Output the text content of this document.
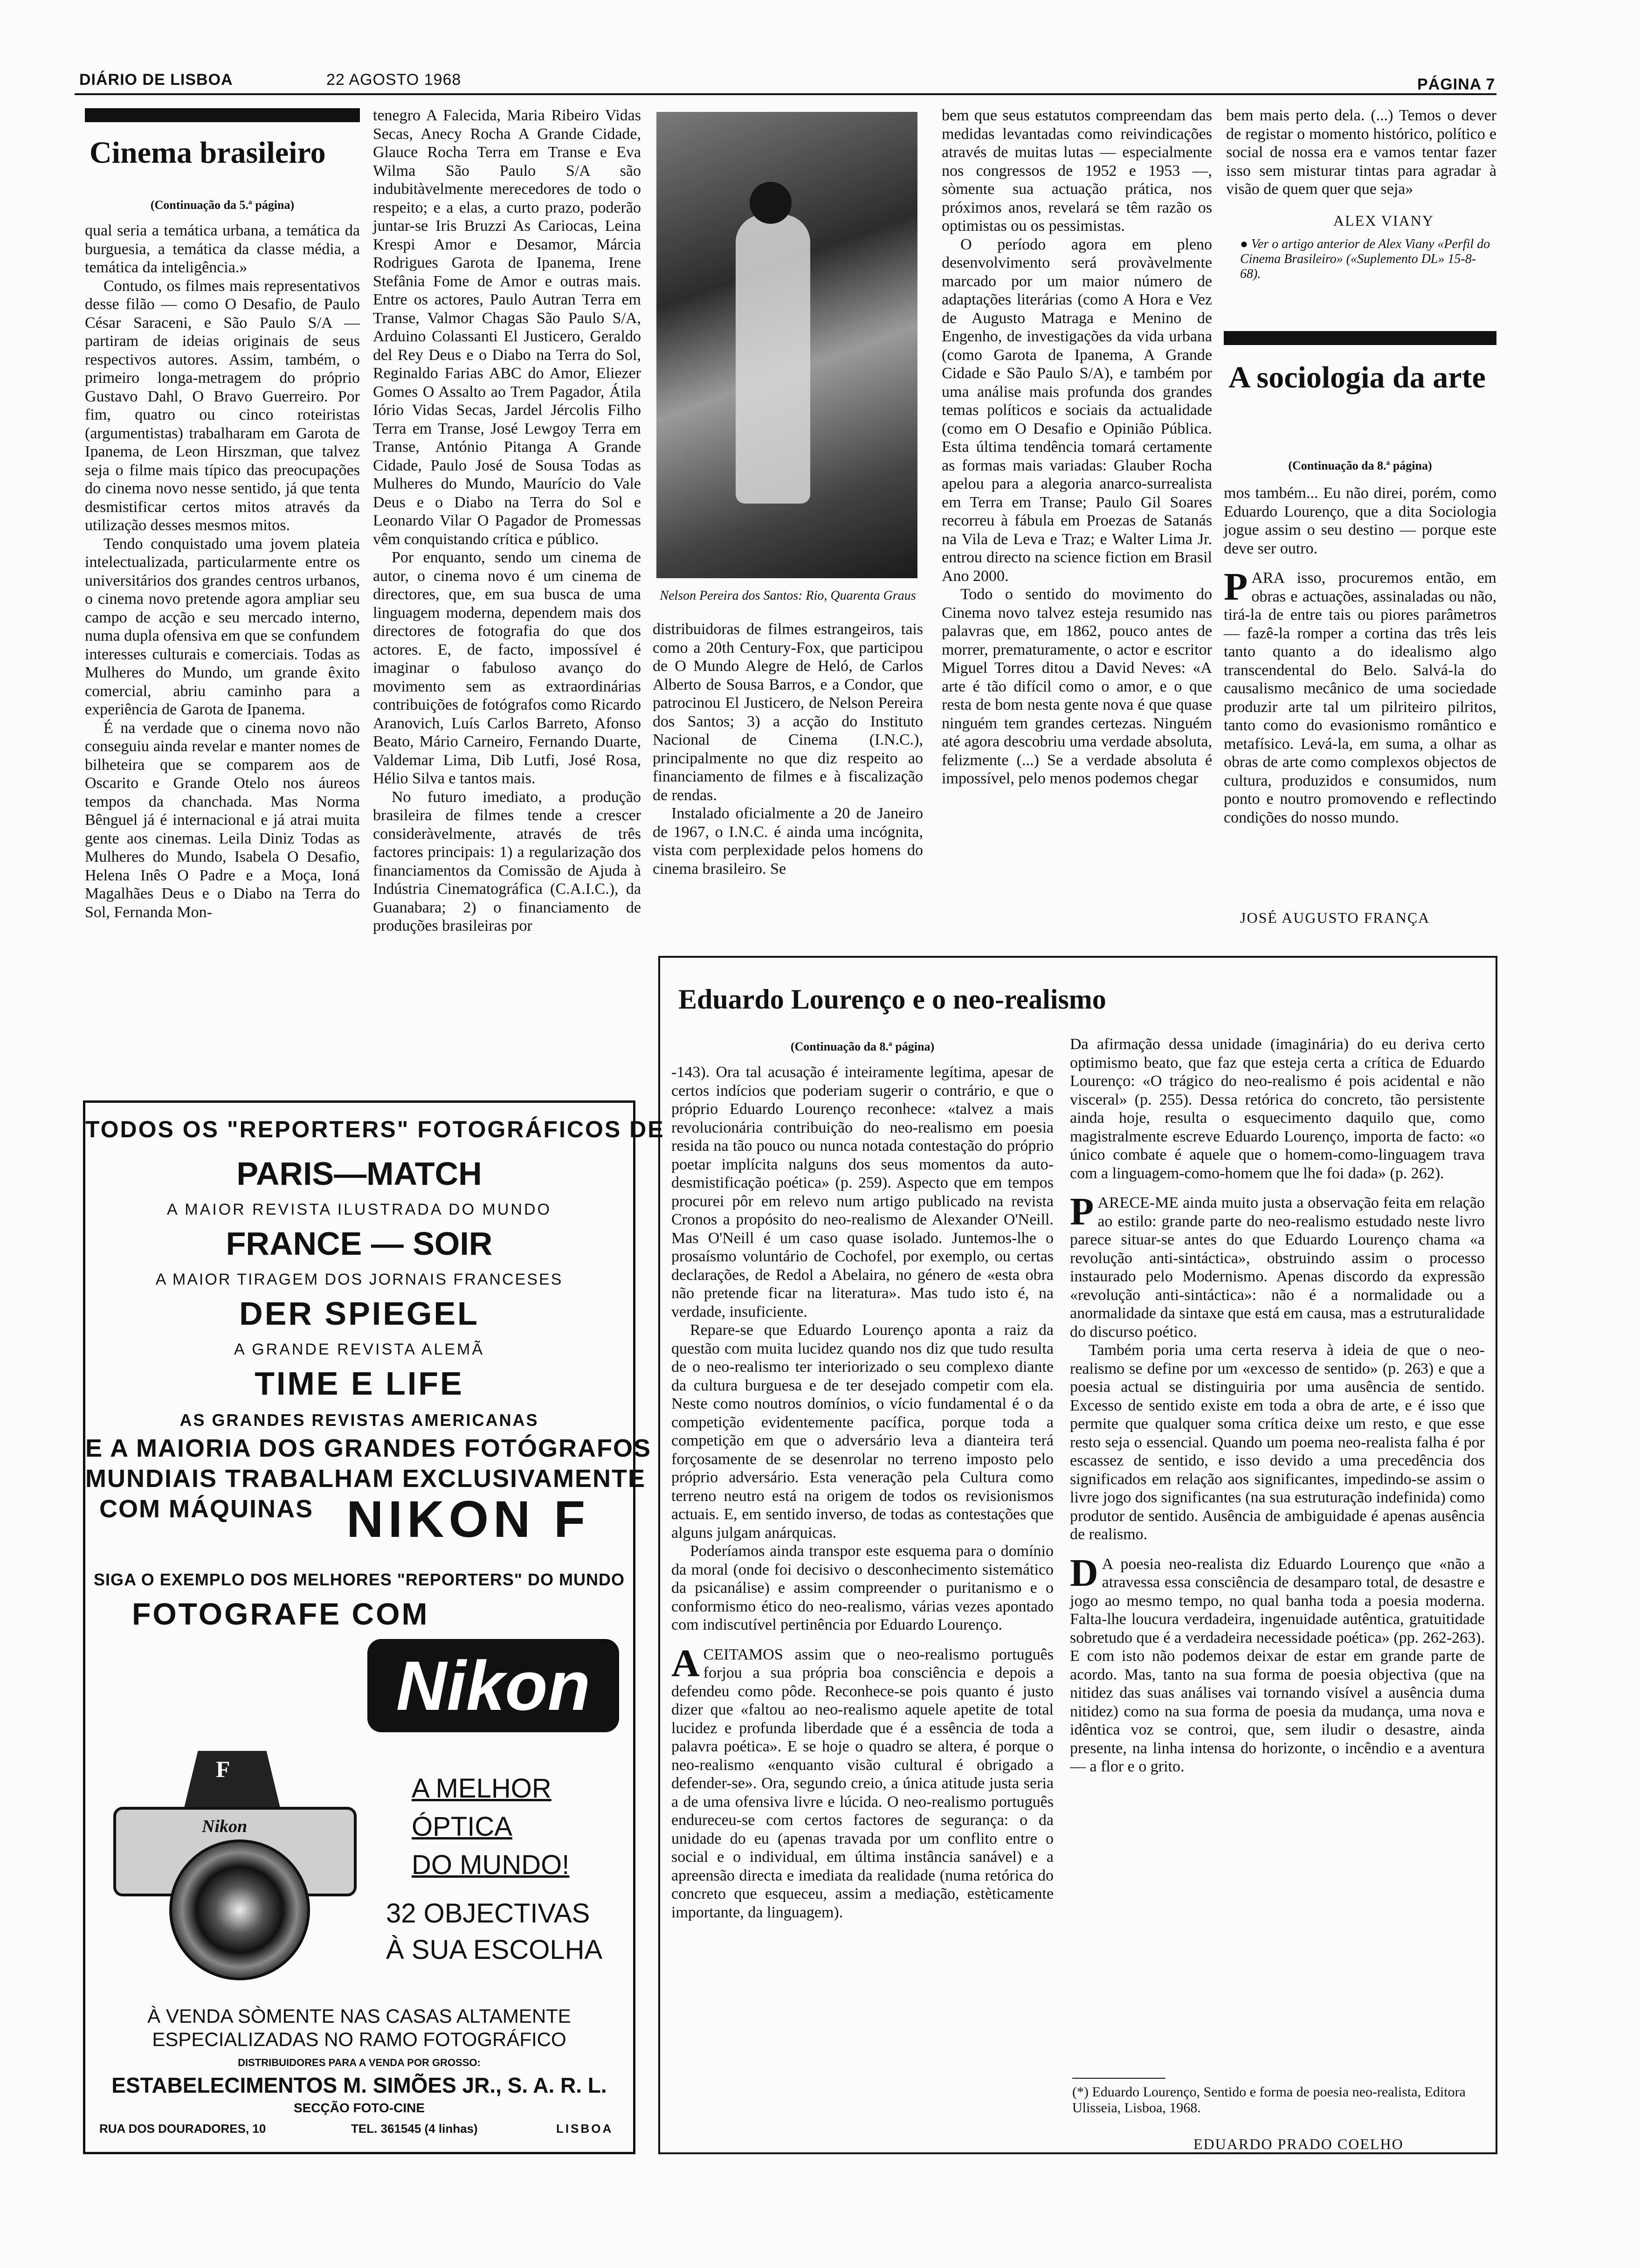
DIÁRIO DE LISBOA	22 AGOSTO 1968	PÁGINA 7
Cinema brasileiro
(Continuação da 5.ª página)

qual seria a temática urbana, a temática da burguesia, a temática da classe média, a temática da inteligência.»

Contudo, os filmes mais representativos desse filão — como O Desafio, de Paulo César Saraceni, e São Paulo S/A — partiram de ideias originais de seus respectivos autores. Assim, também, o primeiro longa-metragem do próprio Gustavo Dahl, O Bravo Guerreiro. Por fim, quatro ou cinco roteiristas (argumentistas) trabalharam em Garota de Ipanema, de Leon Hirszman, que talvez seja o filme mais típico das preocupações do cinema novo nesse sentido, já que tenta desmistificar certos mitos através da utilização desses mesmos mitos.

Tendo conquistado uma jovem plateia intelectualizada, particularmente entre os universitários dos grandes centros urbanos, o cinema novo pretende agora ampliar seu campo de acção e seu mercado interno, numa dupla ofensiva em que se confundem interesses culturais e comerciais. Todas as Mulheres do Mundo, um grande êxito comercial, abriu caminho para a experiência de Garota de Ipanema.

É na verdade que o cinema novo não conseguiu ainda revelar e manter nomes de bilheteira que se comparem aos de Oscarito e Grande Otelo nos áureos tempos da chanchada. Mas Norma Bênguel já é internacional e já atrai muita gente aos cinemas. Leila Diniz Todas as Mulheres do Mundo, Isabela O Desafio, Helena Inês O Padre e a Moça, Ioná Magalhães Deus e o Diabo na Terra do Sol, Fernanda Mon-

tenegro A Falecida, Maria Ribeiro Vidas Secas, Anecy Rocha A Grande Cidade, Glauce Rocha Terra em Transe e Eva Wilma São Paulo S/A são indubitàvelmente merecedores de todo o respeito; e a elas, a curto prazo, poderão juntar-se Iris Bruzzi As Cariocas, Leina Krespi Amor e Desamor, Márcia Rodrigues Garota de Ipanema, Irene Stefânia Fome de Amor e outras mais. Entre os actores, Paulo Autran Terra em Transe, Valmor Chagas São Paulo S/A, Arduino Colassanti El Justicero, Geraldo del Rey Deus e o Diabo na Terra do Sol, Reginaldo Farias ABC do Amor, Eliezer Gomes O Assalto ao Trem Pagador, Átila Iório Vidas Secas, Jardel Jércolis Filho Terra em Transe, José Lewgoy Terra em Transe, António Pitanga A Grande Cidade, Paulo José de Sousa Todas as Mulheres do Mundo, Maurício do Vale Deus e o Diabo na Terra do Sol e Leonardo Vilar O Pagador de Promessas vêm conquistando crítica e público.

Por enquanto, sendo um cinema de autor, o cinema novo é um cinema de directores, que, em sua busca de uma linguagem moderna, dependem mais dos directores de fotografia do que dos actores. E, de facto, impossível é imaginar o fabuloso avanço do movimento sem as extraordinárias contribuições de fotógrafos como Ricardo Aranovich, Luís Carlos Barreto, Afonso Beato, Mário Carneiro, Fernando Duarte, Valdemar Lima, Dib Lutfi, José Rosa, Hélio Silva e tantos mais.

No futuro imediato, a produção brasileira de filmes tende a crescer consideràvelmente, através de três factores principais: 1) a regularização dos financiamentos da Comissão de Ajuda à Indústria Cinematográfica (C.A.I.C.), da Guanabara; 2) o financiamento de produções brasileiras por

Nelson Pereira dos Santos: Rio, Quarenta Graus

distribuidoras de filmes estrangeiros, tais como a 20th Century-Fox, que participou de O Mundo Alegre de Heló, de Carlos Alberto de Sousa Barros, e a Condor, que patrocinou El Justicero, de Nelson Pereira dos Santos; 3) a acção do Instituto Nacional de Cinema (I.N.C.), principalmente no que diz respeito ao financiamento de filmes e à fiscalização de rendas.

Instalado oficialmente a 20 de Janeiro de 1967, o I.N.C. é ainda uma incógnita, vista com perplexidade pelos homens do cinema brasileiro. Se

bem que seus estatutos compreendam das medidas levantadas como reivindicações através de muitas lutas — especialmente nos congressos de 1952 e 1953 —, sòmente sua actuação prática, nos próximos anos, revelará se têm razão os optimistas ou os pessimistas.

O período agora em pleno desenvolvimento será provàvelmente marcado por um maior número de adaptações literárias (como A Hora e Vez de Augusto Matraga e Menino de Engenho, de investigações da vida urbana (como Garota de Ipanema, A Grande Cidade e São Paulo S/A), e também por uma análise mais profunda dos grandes temas políticos e sociais da actualidade (como em O Desafio e Opinião Pública. Esta última tendência tomará certamente as formas mais variadas: Glauber Rocha apelou para a alegoria anarco-surrealista em Terra em Transe; Paulo Gil Soares recorreu à fábula em Proezas de Satanás na Vila de Leva e Traz; e Walter Lima Jr. entrou directo na science fiction em Brasil Ano 2000.

Todo o sentido do movimento do Cinema novo talvez esteja resumido nas palavras que, em 1862, pouco antes de morrer, prematuramente, o actor e escritor Miguel Torres ditou a David Neves: «A arte é tão difícil como o amor, e o que resta de bom nesta gente nova é que quase ninguém tem grandes certezas. Ninguém até agora descobriu uma verdade absoluta, felizmente (...) Se a verdade absoluta é impossível, pelo menos podemos chegar

bem mais perto dela. (...) Temos o dever de registar o momento histórico, político e social de nossa era e vamos tentar fazer isso sem misturar tintas para agradar à visão de quem quer que seja»

ALEX VIANY
● Ver o artigo anterior de Alex Viany «Perfil do Cinema Brasileiro» («Suplemento DL» 15-8-68).
A sociologia da arte
(Continuação da 8.ª página)

mos também... Eu não direi, porém, como Eduardo Lourenço, que a dita Sociologia jogue assim o seu destino — porque este deve ser outro.

PARA isso, procuremos então, em obras e actuações, assinaladas ou não, tirá-la de entre tais ou piores parâmetros — fazê-la romper a cortina das três leis tanto quanto a do idealismo algo transcendental do Belo. Salvá-la do causalismo mecânico de uma sociedade produzir arte tal um pilriteiro pilritos, tanto como do evasionismo romântico e metafísico. Levá-la, em suma, a olhar as obras de arte como complexos objectos de cultura, produzidos e consumidos, num ponto e noutro promovendo e reflectindo condições do nosso mundo.

JOSÉ AUGUSTO FRANÇA
Eduardo Lourenço e o neo-realismo
(Continuação da 8.ª página)

-143). Ora tal acusação é inteiramente legítima, apesar de certos indícios que poderiam sugerir o contrário, e que o próprio Eduardo Lourenço reconhece: «talvez a mais revolucionária contribuição do neo-realismo em poesia resida na tão pouco ou nunca notada contestação do próprio poetar implícita nalguns dos seus momentos da auto-desmistificação poética» (p. 259). Aspecto que em tempos procurei pôr em relevo num artigo publicado na revista Cronos a propósito do neo-realismo de Alexander O'Neill. Mas O'Neill é um caso quase isolado. Juntemos-lhe o prosaísmo voluntário de Cochofel, por exemplo, ou certas declarações, de Redol a Abelaira, no género de «esta obra não pretende ficar na literatura». Mas tudo isto é, na verdade, insuficiente.

Repare-se que Eduardo Lourenço aponta a raiz da questão com muita lucidez quando nos diz que tudo resulta de o neo-realismo ter interiorizado o seu complexo diante da cultura burguesa e de ter desejado competir com ela. Neste como noutros domínios, o vício fundamental é o da competição evidentemente pacífica, porque toda a competição em que o adversário leva a dianteira terá forçosamente de se desenrolar no terreno imposto pelo próprio adversário. Esta veneração pela Cultura como terreno neutro está na origem de todos os revisionismos actuais. E, em sentido inverso, de todas as contestações que alguns julgam anárquicas.

Poderíamos ainda transpor este esquema para o domínio da moral (onde foi decisivo o desconhecimento sistemático da psicanálise) e assim compreender o puritanismo e o conformismo ético do neo-realismo, várias vezes apontado com indiscutível pertinência por Eduardo Lourenço.

ACEITAMOS assim que o neo-realismo português forjou a sua própria boa consciência e depois a defendeu como pôde. Reconhece-se pois quanto é justo dizer que «faltou ao neo-realismo aquele apetite de total lucidez e profunda liberdade que é a essência de toda a palavra poética». E se hoje o quadro se altera, é porque o neo-realismo «enquanto visão cultural é obrigado a defender-se». Ora, segundo creio, a única atitude justa seria a de uma ofensiva livre e lúcida. O neo-realismo português endureceu-se com certos factores de segurança: o da unidade do eu (apenas travada por um conflito entre o social e o individual, em última instância sanável) e a apreensão directa e imediata da realidade (numa retórica do concreto que esqueceu, assim a mediação, estèticamente importante, da linguagem).

Da afirmação dessa unidade (imaginária) do eu deriva certo optimismo beato, que faz que esteja certa a crítica de Eduardo Lourenço: «O trágico do neo-realismo é pois acidental e não visceral» (p. 255). Dessa retórica do concreto, tão persistente ainda hoje, resulta o esquecimento daquilo que, como magistralmente escreve Eduardo Lourenço, importa de facto: «o único combate é aquele que o homem-como-linguagem trava com a linguagem-como-homem que lhe foi dada» (p. 262).

PARECE-ME ainda muito justa a observação feita em relação ao estilo: grande parte do neo-realismo estudado neste livro parece situar-se antes do que Eduardo Lourenço chama «a revolução anti-sintáctica», obstruindo assim o processo instaurado pelo Modernismo. Apenas discordo da expressão «revolução anti-sintáctica»: não é a normalidade ou a anormalidade da sintaxe que está em causa, mas a estruturalidade do discurso poético.

Também poria uma certa reserva à ideia de que o neo-realismo se define por um «excesso de sentido» (p. 263) e que a poesia actual se distinguiria por uma ausência de sentido. Excesso de sentido existe em toda a obra de arte, e é isso que permite que qualquer soma crítica deixe um resto, e que esse resto seja o essencial. Quando um poema neo-realista falha é por escassez de sentido, e isso devido a uma precedência dos significados em relação aos significantes, impedindo-se assim o livre jogo dos significantes (na sua estruturação indefinida) como produtor de sentido. Ausência de ambiguidade é apenas ausência de realismo.

D A poesia neo-realista diz Eduardo Lourenço que «não a atravessa essa consciência de desamparo total, de desastre e jogo ao mesmo tempo, no qual banha toda a poesia moderna. Falta-lhe loucura verdadeira, ingenuidade autêntica, gratuitidade sobretudo que é a verdadeira necessidade poética» (pp. 262-263). E com isto não podemos deixar de estar em grande parte de acordo. Mas, tanto na sua forma de poesia objectiva (que na nitidez das suas análises vai tornando visível a ausência duma nitidez) como na sua forma de poesia da mudança, uma nova e idêntica voz se controi, que, sem iludir o desastre, ainda presente, na linha intensa do horizonte, o incêndio e a aventura — a flor e o grito.

(*) Eduardo Lourenço, Sentido e forma de poesia neo-realista, Editora Ulisseia, Lisboa, 1968.
EDUARDO PRADO COELHO
TODOS OS "REPORTERS" FOTOGRÁFICOS DE
PARIS—MATCH
A MAIOR REVISTA ILUSTRADA DO MUNDO
FRANCE — SOIR
A MAIOR TIRAGEM DOS JORNAIS FRANCESES
DER SPIEGEL
A GRANDE REVISTA ALEMÃ
TIME E LIFE
AS GRANDES REVISTAS AMERICANAS
E A MAIORIA DOS GRANDES FOTÓGRAFOS
MUNDIAIS TRABALHAM EXCLUSIVAMENTE
COM MÁQUINAS NIKON F
SIGA O EXEMPLO DOS MELHORES "REPORTERS" DO MUNDO
FOTOGRAFE COM
Nikon
F
Nikon
A MELHOR
ÓPTICA
DO MUNDO!
32 OBJECTIVAS
À SUA ESCOLHA
À VENDA SÒMENTE NAS CASAS ALTAMENTE
ESPECIALIZADAS NO RAMO FOTOGRÁFICO
DISTRIBUIDORES PARA A VENDA POR GROSSO:
ESTABELECIMENTOS M. SIMÕES JR., S. A. R. L.
SECÇÃO FOTO-CINE
RUA DOS DOURADORES, 10	TEL. 361545 (4 linhas)	LISBOA
